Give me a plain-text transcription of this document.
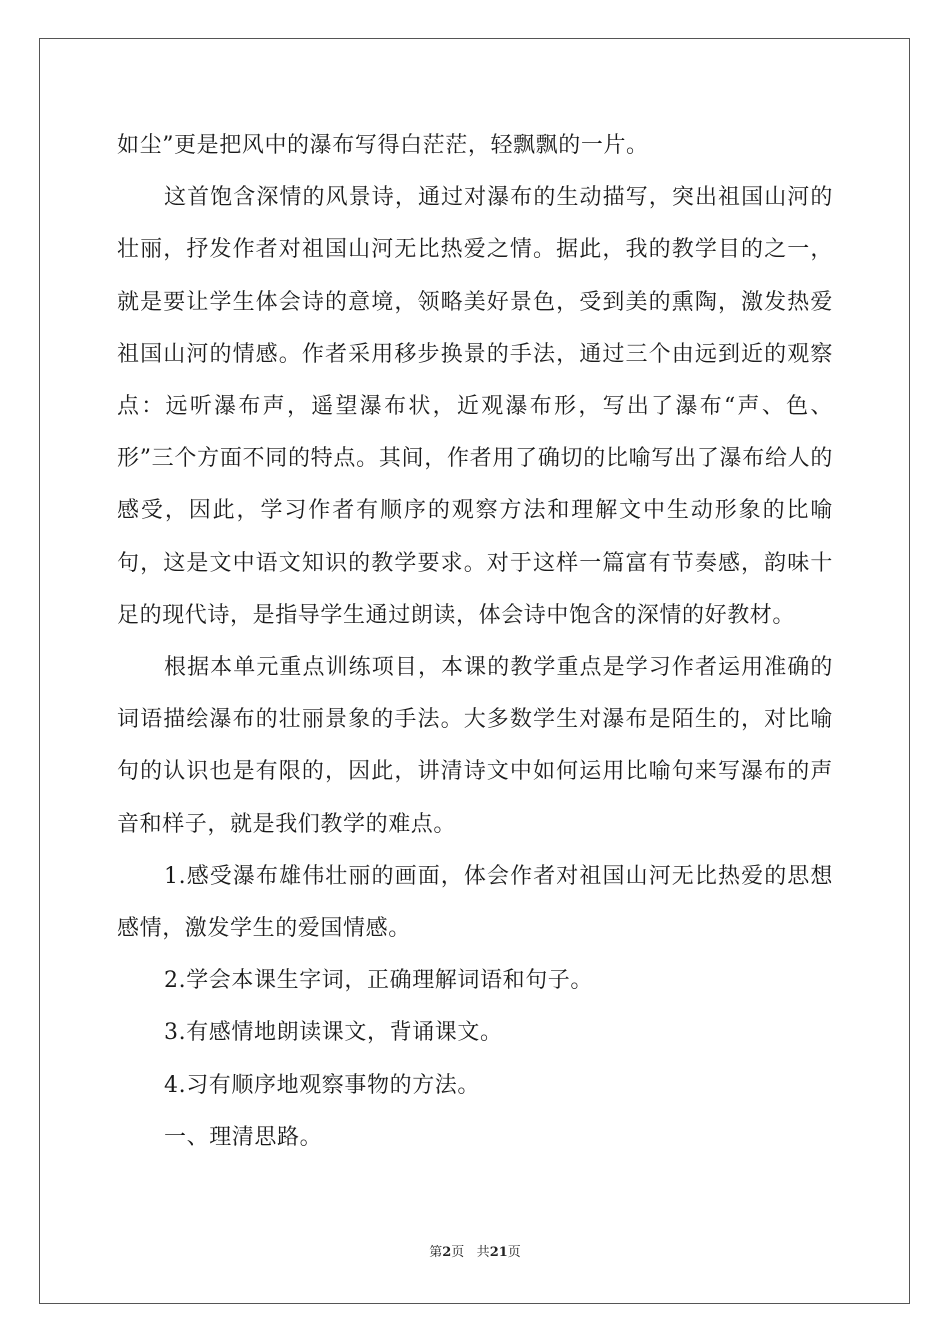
如尘”更是把风中的瀑布写得白茫茫，轻飘飘的一片。

这首饱含深情的风景诗，通过对瀑布的生动描写，突出祖国山河的壮丽，抒发作者对祖国山河无比热爱之情。据此，我的教学目的之一，就是要让学生体会诗的意境，领略美好景色，受到美的熏陶，激发热爱祖国山河的情感。作者采用移步换景的手法，通过三个由远到近的观察点：远听瀑布声，遥望瀑布状，近观瀑布形，写出了瀑布“声、色、形”三个方面不同的特点。其间，作者用了确切的比喻写出了瀑布给人的感受，因此，学习作者有顺序的观察方法和理解文中生动形象的比喻句，这是文中语文知识的教学要求。对于这样一篇富有节奏感，韵味十足的现代诗，是指导学生通过朗读，体会诗中饱含的深情的好教材。

根据本单元重点训练项目，本课的教学重点是学习作者运用准确的词语描绘瀑布的壮丽景象的手法。大多数学生对瀑布是陌生的，对比喻句的认识也是有限的，因此，讲清诗文中如何运用比喻句来写瀑布的声音和样子，就是我们教学的难点。

1.感受瀑布雄伟壮丽的画面，体会作者对祖国山河无比热爱的思想感情，激发学生的爱国情感。

2.学会本课生字词，正确理解词语和句子。

3.有感情地朗读课文，背诵课文。

4.习有顺序地观察事物的方法。

一、理清思路。

第2页 共21页
